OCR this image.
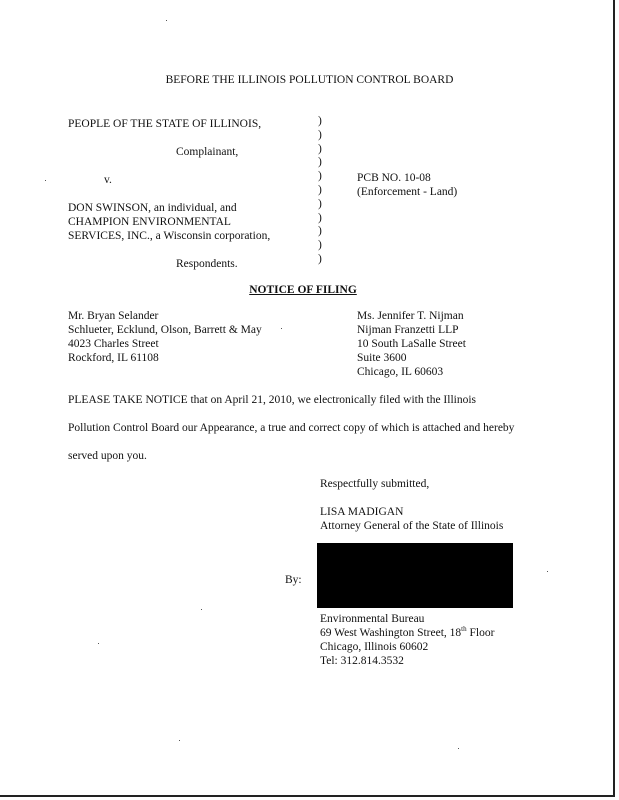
BEFORE THE ILLINOIS POLLUTION CONTROL BOARD
PEOPLE OF THE STATE OF ILLINOIS,

Complainant,

v.

DON SWINSON, an individual, and
CHAMPION ENVIRONMENTAL
SERVICES, INC., a Wisconsin corporation,

Respondents.
)
)
)
)
)
)
)
)
)
)
)
PCB NO. 10-08
(Enforcement - Land)
NOTICE OF FILING
Mr. Bryan Selander
Schlueter, Ecklund, Olson, Barrett & May
4023 Charles Street
Rockford, IL 61108
Ms. Jennifer T. Nijman
Nijman Franzetti LLP
10 South LaSalle Street
Suite 3600
Chicago, IL 60603
PLEASE TAKE NOTICE that on April 21, 2010, we electronically filed with the Illinois
Pollution Control Board our Appearance, a true and correct copy of which is attached and hereby
served upon you.
Respectfully submitted,

LISA MADIGAN
Attorney General of the State of Illinois
By:
Environmental Bureau
69 West Washington Street, 18th Floor
Chicago, Illinois 60602
Tel: 312.814.3532
